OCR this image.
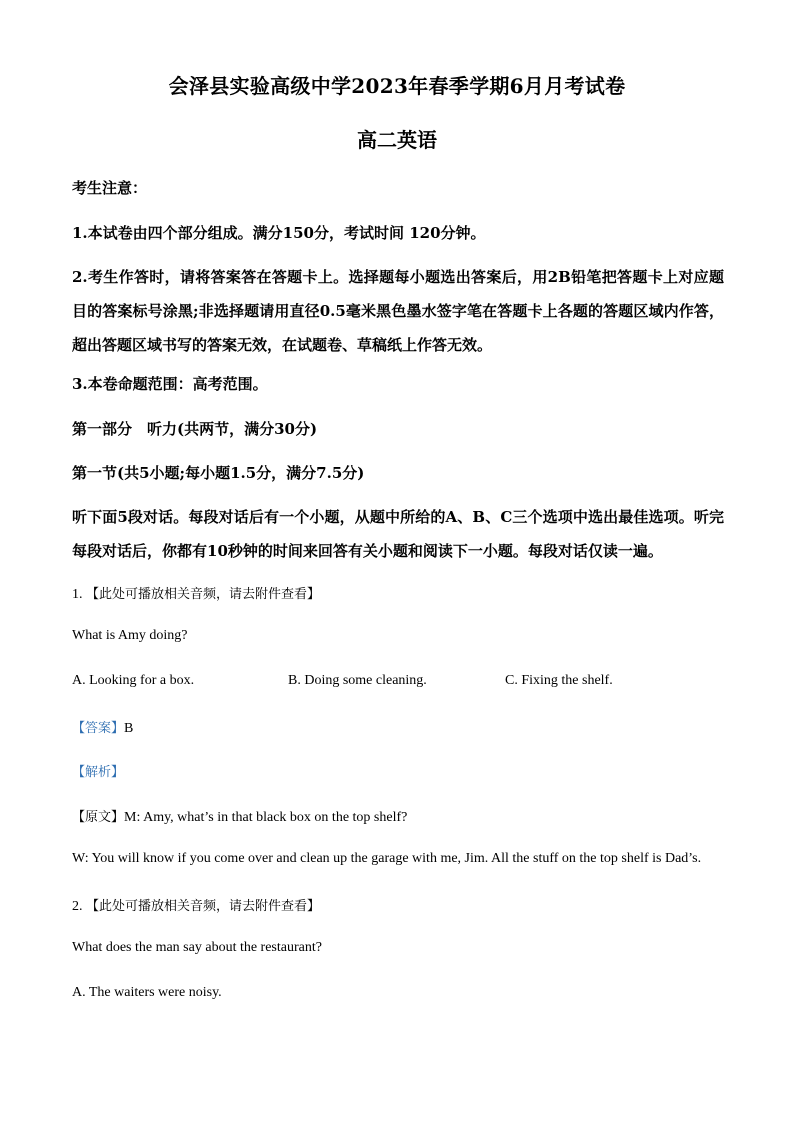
会泽县实验高级中学2023年春季学期6月月考试卷
高二英语
考生注意：
1.本试卷由四个部分组成。满分150分，考试时间 120分钟。
2.考生作答时，请将答案答在答题卡上。选择题每小题选出答案后，用2B铅笔把答题卡上对应题目的答案标号涂黑;非选择题请用直径0.5毫米黑色墨水签字笔在答题卡上各题的答题区域内作答，超出答题区域书写的答案无效，在试题卷、草稿纸上作答无效。
3.本卷命题范围：高考范围。
第一部分　听力(共两节，满分30分)
第一节(共5小题;每小题1.5分，满分7.5分)
听下面5段对话。每段对话后有一个小题，从题中所给的A、B、C三个选项中选出最佳选项。听完每段对话后，你都有10秒钟的时间来回答有关小题和阅读下一小题。每段对话仅读一遍。
1. 【此处可播放相关音频，请去附件查看】
What is Amy doing?
A. Looking for a box.	B. Doing some cleaning.	C. Fixing the shelf.
【答案】B
【解析】
【原文】M: Amy, what’s in that black box on the top shelf?
W: You will know if you come over and clean up the garage with me, Jim. All the stuff on the top shelf is Dad’s.
2. 【此处可播放相关音频，请去附件查看】
What does the man say about the restaurant?
A. The waiters were noisy.
